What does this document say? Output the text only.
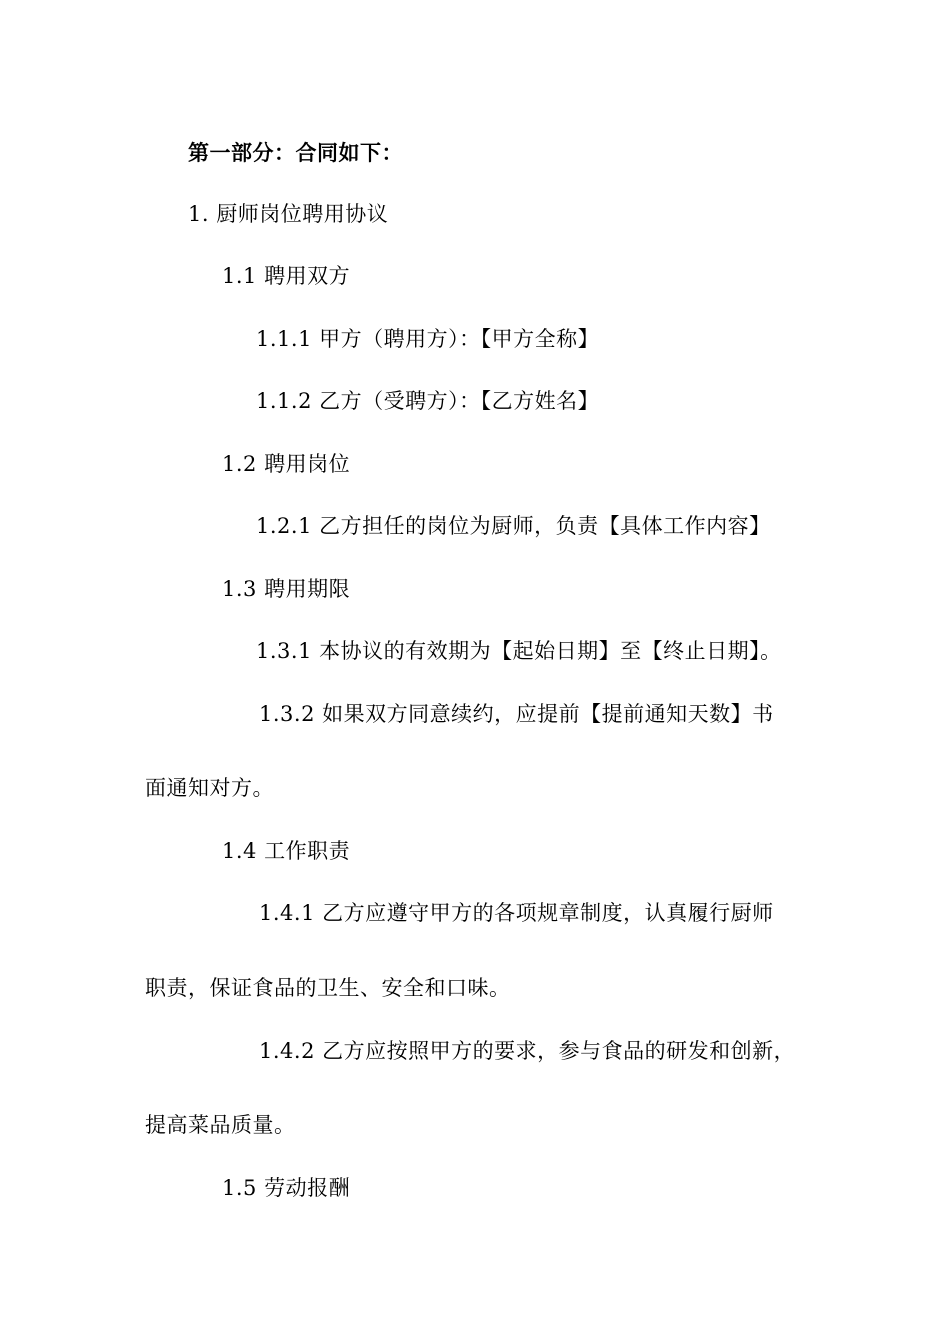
第一部分：合同如下：
1. 厨师岗位聘用协议
1.1 聘用双方
1.1.1 甲方（聘用方）：【甲方全称】
1.1.2 乙方（受聘方）：【乙方姓名】
1.2 聘用岗位
1.2.1 乙方担任的岗位为厨师，负责【具体工作内容】
1.3 聘用期限
1.3.1 本协议的有效期为【起始日期】至【终止日期】。
1.3.2 如果双方同意续约，应提前【提前通知天数】书
面通知对方。
1.4 工作职责
1.4.1 乙方应遵守甲方的各项规章制度，认真履行厨师
职责，保证食品的卫生、安全和口味。
1.4.2 乙方应按照甲方的要求，参与食品的研发和创新，
提高菜品质量。
1.5 劳动报酬
